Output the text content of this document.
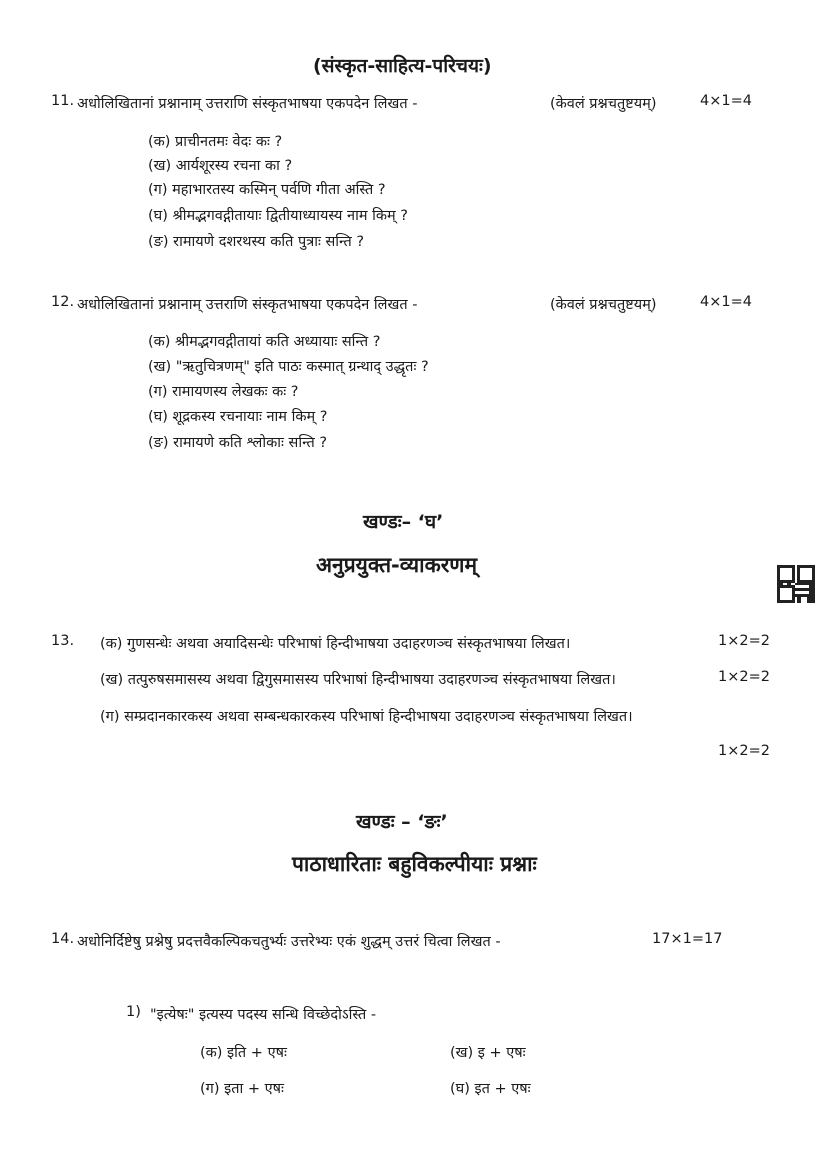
(संस्कृत-साहित्य-परिचयः)
11. अधोलिखितानां प्रश्नानाम् उत्तराणि संस्कृतभाषया एकपदेन लिखत -	(केवलं प्रश्नचतुष्टयम्)	4×1=4
(क) प्राचीनतमः वेदः कः ?
(ख) आर्यशूरस्य रचना का ?
(ग) महाभारतस्य कस्मिन् पर्वणि गीता अस्ति ?
(घ) श्रीमद्भगवद्गीतायाः द्वितीयाध्यायस्य नाम किम् ?
(ङ) रामायणे दशरथस्य कति पुत्राः सन्ति ?
12. अधोलिखितानां प्रश्नानाम् उत्तराणि संस्कृतभाषया एकपदेन लिखत -	(केवलं प्रश्नचतुष्टयम्)	4×1=4
(क) श्रीमद्भगवद्गीतायां कति अध्यायाः सन्ति ?
(ख) "ऋतुचित्रणम्" इति पाठः कस्मात् ग्रन्थाद् उद्धृतः ?
(ग) रामायणस्य लेखकः कः ?
(घ) शूद्रकस्य रचनायाः नाम किम् ?
(ङ) रामायणे कति श्लोकाः सन्ति ?
खण्डः– ‘घ’
अनुप्रयुक्त-व्याकरणम्
13. (क) गुणसन्धेः अथवा अयादिसन्धेः परिभाषां हिन्दीभाषया उदाहरणञ्च संस्कृतभाषया लिखत।	1×2=2
(ख) तत्पुरुषसमासस्य अथवा द्विगुसमासस्य परिभाषां हिन्दीभाषया उदाहरणञ्च संस्कृतभाषया लिखत।	1×2=2
(ग) सम्प्रदानकारकस्य अथवा सम्बन्धकारकस्य परिभाषां हिन्दीभाषया उदाहरणञ्च संस्कृतभाषया लिखत।
1×2=2
खण्डः – ‘ङः’
पाठाधारिताः बहुविकल्पीयाः प्रश्नाः
14. अधोनिर्दिष्टेषु प्रश्नेषु प्रदत्तवैकल्पिकचतुर्भ्यः उत्तरेभ्यः एकं शुद्धम् उत्तरं चित्वा लिखत -	17×1=17
1) "इत्येषः" इत्यस्य पदस्य सन्धि विच्छेदोऽस्ति -
(क) इति + एषः	(ख) इ + एषः
(ग) इता + एषः	(घ) इत + एषः
